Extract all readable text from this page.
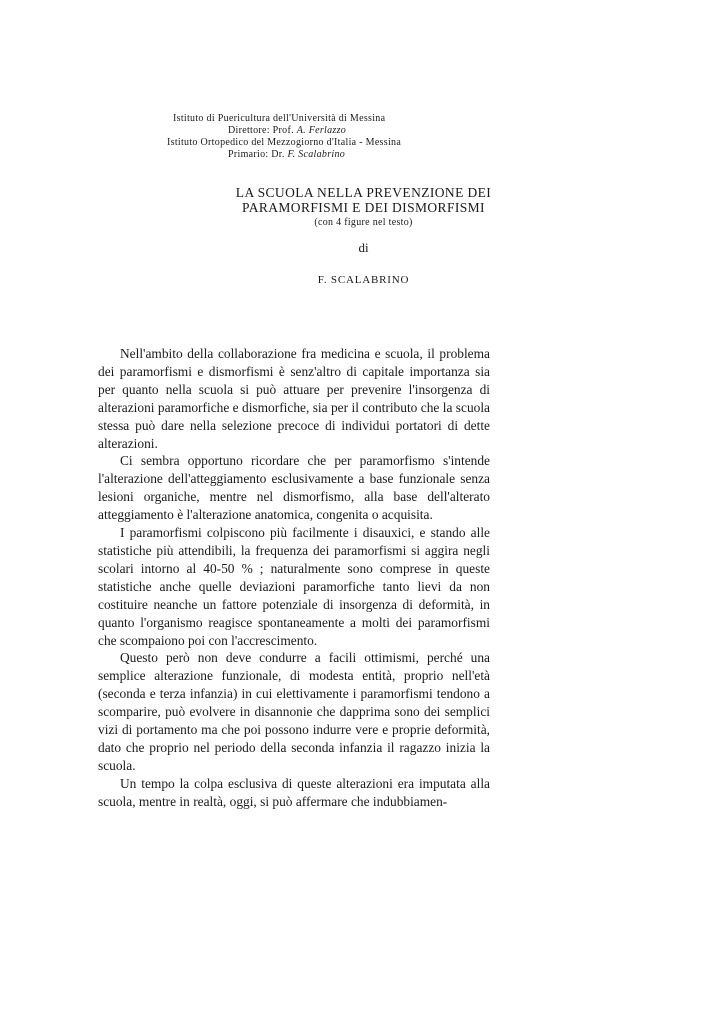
Istituto di Puericultura dell'Università di Messina
Direttore: Prof. A. Ferlazzo
Istituto Ortopedico del Mezzogiorno d'Italia - Messina
Primario: Dr. F. Scalabrino
LA SCUOLA NELLA PREVENZIONE DEI
PARAMORFISMI E DEI DISMORFISMI
(con 4 figure nel testo)
di
F. SCALABRINO

Nell'ambito della collaborazione fra medicina e scuola, il problema dei paramorfismi e dismorfismi è senz'altro di capitale importanza sia per quanto nella scuola si può attuare per prevenire l'insorgenza di alterazioni paramorfiche e dismorfiche, sia per il contributo che la scuola stessa può dare nella selezione precoce di individui portatori di dette alterazioni.

Ci sembra opportuno ricordare che per paramorfismo s'intende l'alterazione dell'atteggiamento esclusivamente a base funzionale senza lesioni organiche, mentre nel dismorfismo, alla base dell'alterato atteggiamento è l'alterazione anatomica, congenita o acquisita.

I paramorfismi colpiscono più facilmente i disauxici, e stando alle statistiche più attendibili, la frequenza dei paramorfismi si aggira negli scolari intorno al 40-50 % ; naturalmente sono comprese in queste statistiche anche quelle deviazioni paramorfiche tanto lievi da non costituire neanche un fattore potenziale di insorgenza di deformità, in quanto l'organismo reagisce spontaneamente a molti dei paramorfismi che scompaiono poi con l'accrescimento.

Questo però non deve condurre a facili ottimismi, perché una semplice alterazione funzionale, di modesta entità, proprio nell'età (seconda e terza infanzia) in cui elettivamente i paramorfismi tendono a scomparire, può evolvere in disannonie che dapprima sono dei semplici vizi di portamento ma che poi possono indurre vere e proprie deformità, dato che proprio nel periodo della seconda infanzia il ragazzo inizia la scuola.

Un tempo la colpa esclusiva di queste alterazioni era imputata alla scuola, mentre in realtà, oggi, si può affermare che indubbiamen-
